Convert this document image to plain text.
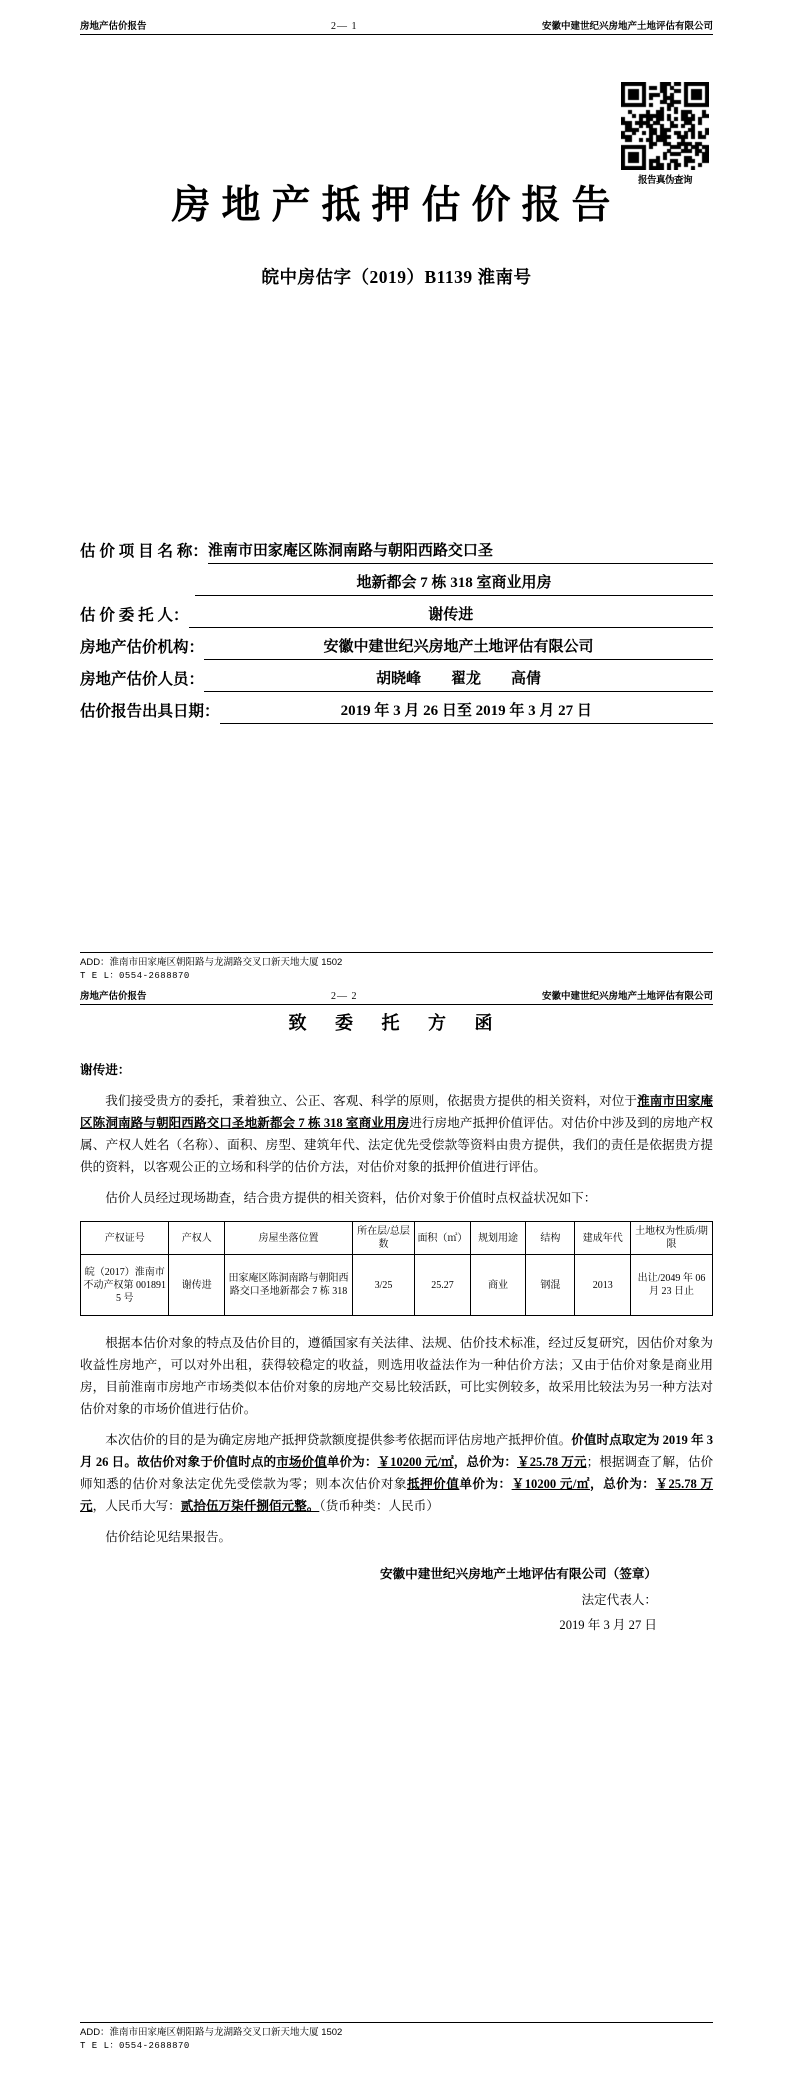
房地产估价报告	2— 1	安徽中建世纪兴房地产土地评估有限公司
报告真伪查询
房地产抵押估价报告
皖中房估字（2019）B1139 淮南号
估 价 项 目 名 称： 淮南市田家庵区陈洞南路与朝阳西路交口圣
地新都会 7 栋 318 室商业用房
估 价 委 托 人：	谢传进
房地产估价机构：	安徽中建世纪兴房地产土地评估有限公司
房地产估价人员：	胡晓峰　　翟龙　　高倩
估价报告出具日期：	2019 年 3 月 26 日至 2019 年 3 月 27 日
ADD：淮南市田家庵区朝阳路与龙湖路交叉口新天地大厦 1502
T E L：0554-2688870
房地产估价报告	2— 2	安徽中建世纪兴房地产土地评估有限公司
致 委 托 方 函
谢传进：
我们接受贵方的委托，秉着独立、公正、客观、科学的原则，依据贵方提供的相关资料，对位于淮南市田家庵区陈洞南路与朝阳西路交口圣地新都会 7 栋 318 室商业用房进行房地产抵押价值评估。对估价中涉及到的房地产权属、产权人姓名（名称）、面积、房型、建筑年代、法定优先受偿款等资料由贵方提供，我们的责任是依据贵方提供的资料，以客观公正的立场和科学的估价方法，对估价对象的抵押价值进行评估。
估价人员经过现场勘查，结合贵方提供的相关资料，估价对象于价值时点权益状况如下：
产权证号	产权人	房屋坐落位置	所在层/总层数	面积（㎡）	规划用途	结构	建成年代	土地权为性质/期限
皖（2017）淮南市不动产权第 0018915 号	谢传进	田家庵区陈洞南路与朝阳西路交口圣地新都会 7 栋 318	3/25	25.27	商业	钢混	2013	出让/2049 年 06 月 23 日止
根据本估价对象的特点及估价目的，遵循国家有关法律、法规、估价技术标准，经过反复研究，因估价对象为收益性房地产，可以对外出租，获得较稳定的收益，则选用收益法作为一种估价方法；又由于估价对象是商业用房，目前淮南市房地产市场类似本估价对象的房地产交易比较活跃，可比实例较多，故采用比较法为另一种方法对估价对象的市场价值进行估价。
本次估价的目的是为确定房地产抵押贷款额度提供参考依据而评估房地产抵押价值。价值时点取定为 2019 年 3 月 26 日。故估价对象于价值时点的市场价值单价为：￥10200 元/㎡，总价为：￥25.78 万元；根据调查了解，估价师知悉的估价对象法定优先受偿款为零；则本次估价对象抵押价值单价为：￥10200 元/㎡，总价为：￥25.78 万元，人民币大写：贰拾伍万柒仟捌佰元整。（货币种类：人民币）
估价结论见结果报告。
安徽中建世纪兴房地产土地评估有限公司（签章）
法定代表人：
2019 年 3 月 27 日
ADD：淮南市田家庵区朝阳路与龙湖路交叉口新天地大厦 1502
T E L：0554-2688870
